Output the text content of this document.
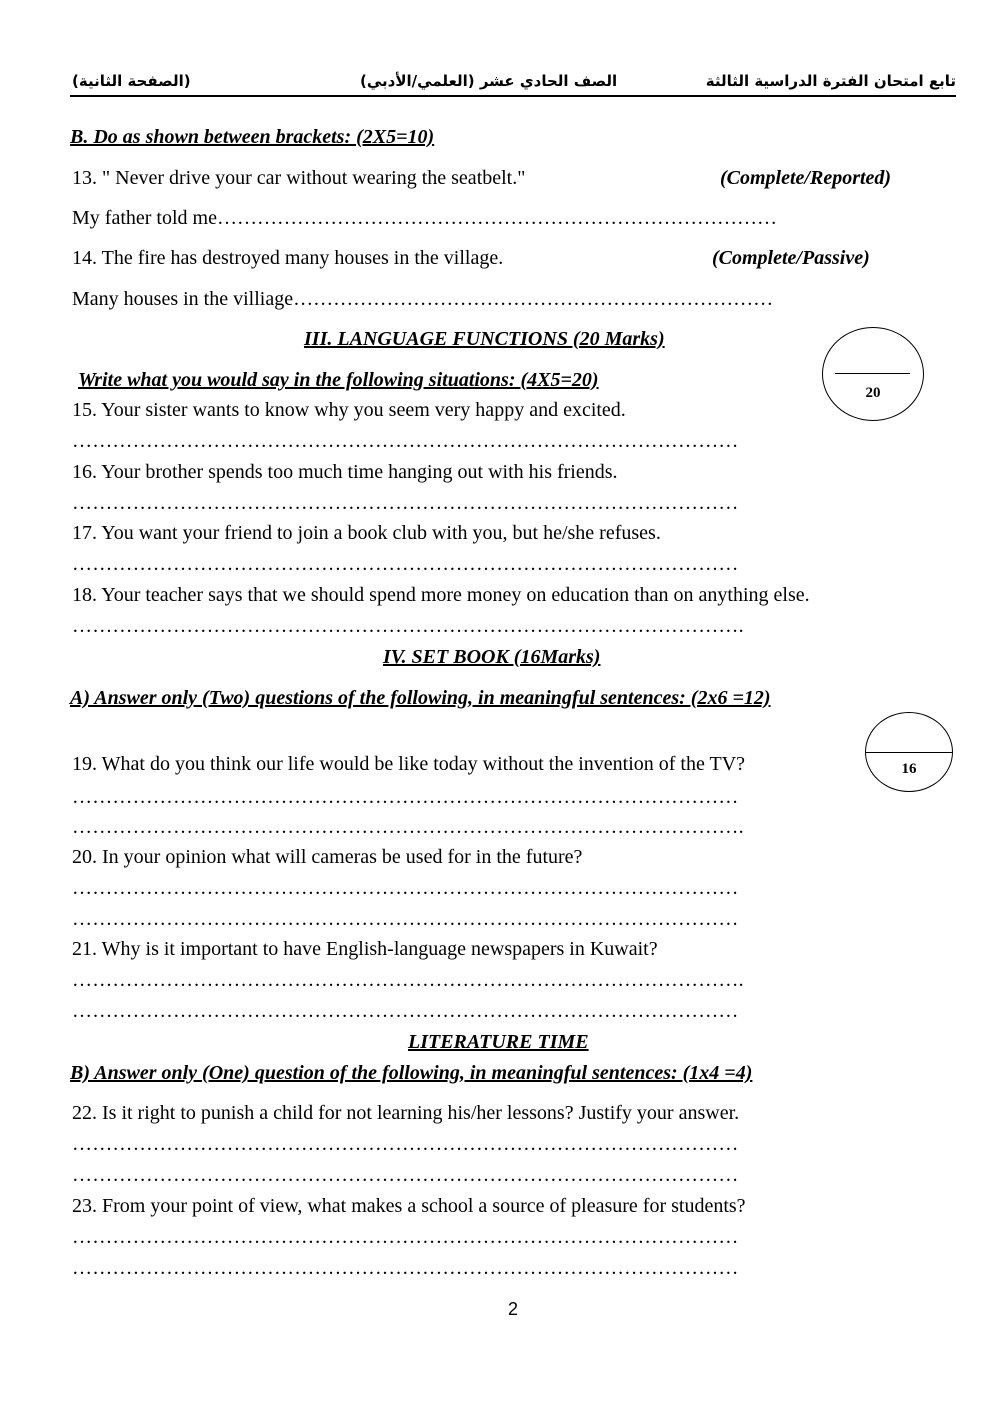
تابع امتحان الفترة الدراسية الثالثة
الصف الحادي عشر (العلمي/الأدبي)
(الصفحة الثانية)
B. Do as shown between brackets: (2X5=10)
13. " Never drive your car without wearing the seatbelt."	(Complete/Reported)
My father told me…………………………………………………………………………
14. The fire has destroyed many houses in the village.	(Complete/Passive)
Many houses in the villiage………………………………………………………………
III. LANGUAGE FUNCTIONS (20 Marks)
20
Write what you would say in the following situations: (4X5=20)
15. Your sister wants to know why you seem very happy and excited.
………………………………………………………………………………………
16. Your brother spends too much time hanging out with his friends.
………………………………………………………………………………………
17. You want your friend to join a book club with you, but he/she refuses.
………………………………………………………………………………………
18. Your teacher says that we should spend more money on education than on anything else.
……………………………………………………………………………………….
IV. SET BOOK (16Marks)
A) Answer only (Two) questions of the following, in meaningful sentences: (2x6 =12)
16
19. What do you think our life would be like today without the invention of the TV?
………………………………………………………………………………………
……………………………………………………………………………………….
20. In your opinion what will cameras be used for in the future?
………………………………………………………………………………………
………………………………………………………………………………………
21. Why is it important to have English-language newspapers in Kuwait?
……………………………………………………………………………………….
………………………………………………………………………………………
LITERATURE TIME
B) Answer only (One) question of the following, in meaningful sentences: (1x4 =4)
22. Is it right to punish a child for not learning his/her lessons? Justify your answer.
………………………………………………………………………………………
………………………………………………………………………………………
23. From your point of view, what makes a school a source of pleasure for students?
………………………………………………………………………………………
………………………………………………………………………………………
2
